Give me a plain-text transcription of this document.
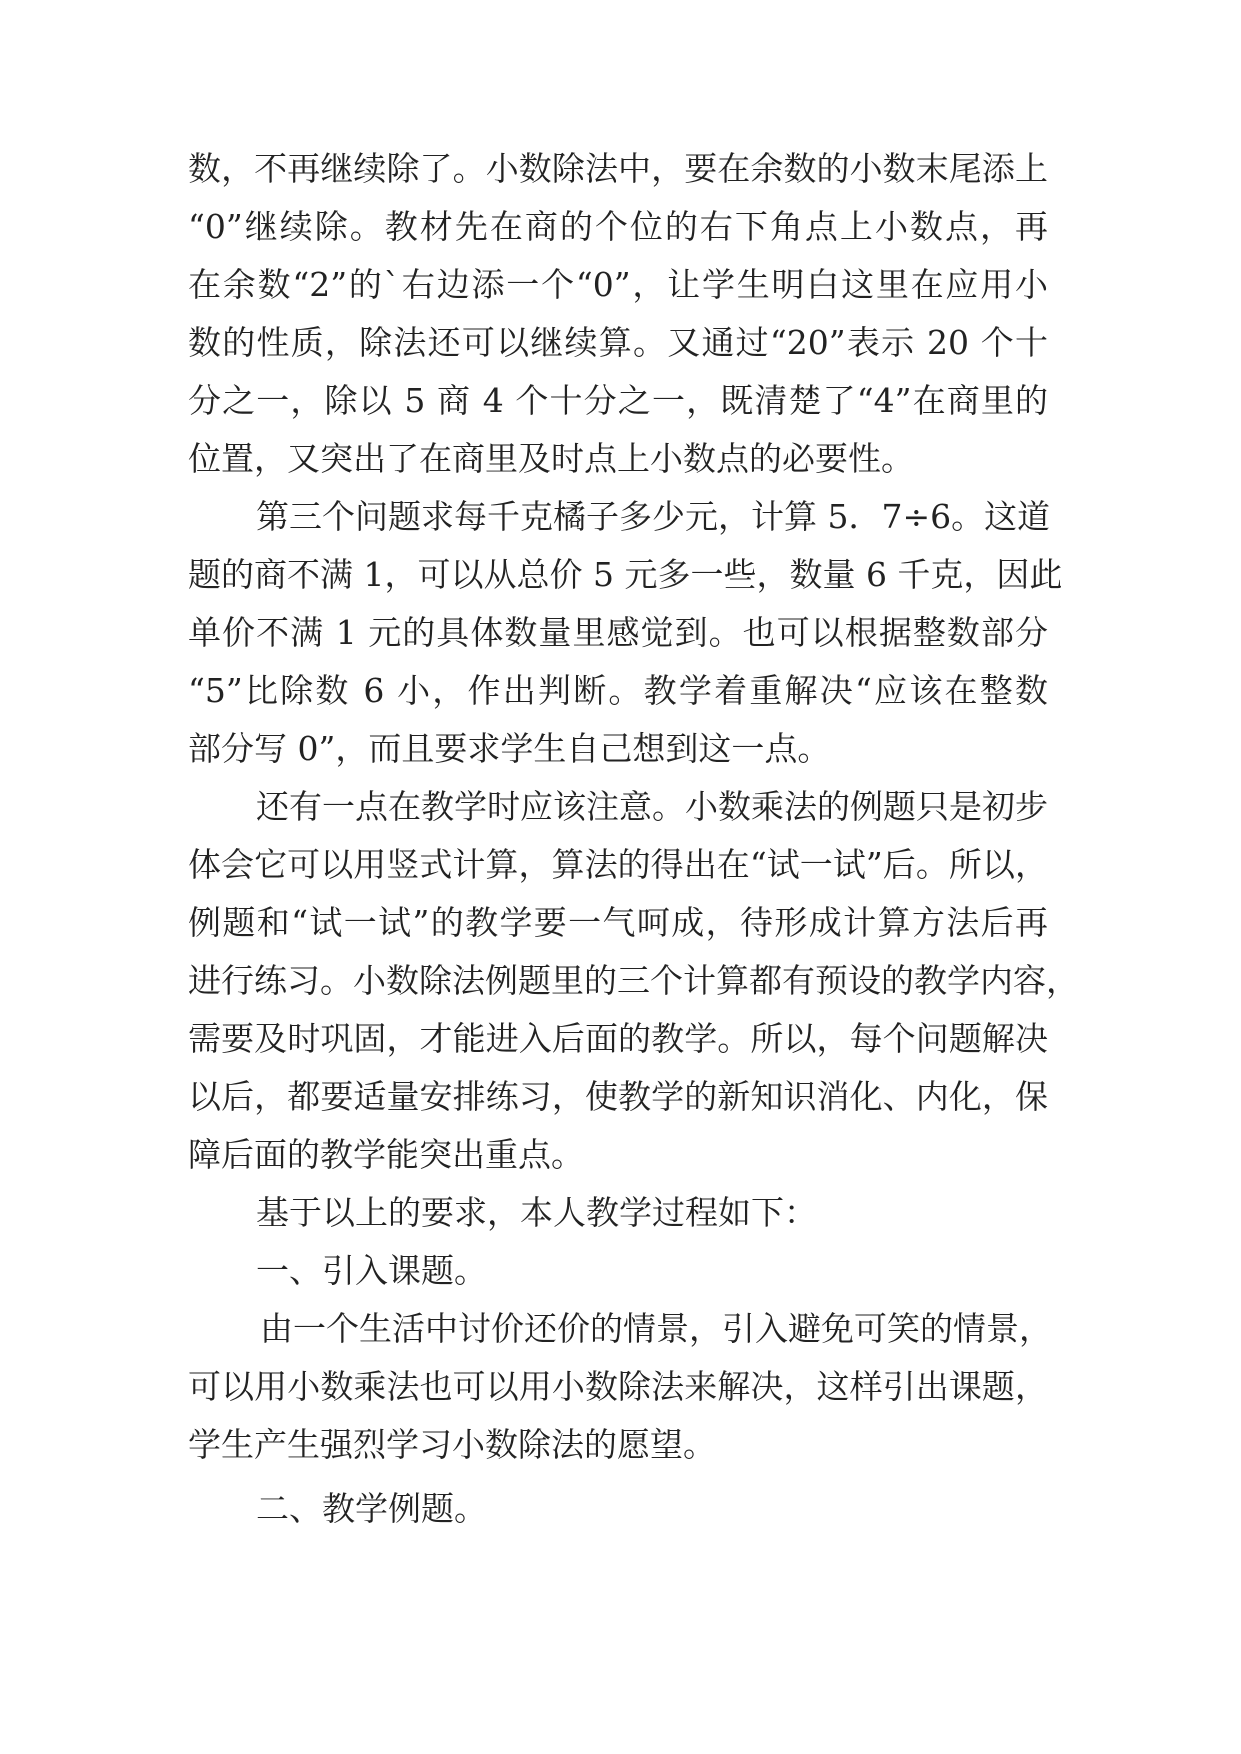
数，不再继续除了。小数除法中，要在余数的小数末尾添上
“0”继续除。教材先在商的个位的右下角点上小数点，再
在余数“2”的`右边添一个“0”，让学生明白这里在应用小
数的性质，除法还可以继续算。又通过“20”表示 20 个十
分之一，除以 5 商 4 个十分之一，既清楚了“4”在商里的
位置，又突出了在商里及时点上小数点的必要性。
第三个问题求每千克橘子多少元，计算 5．7÷6。这道
题的商不满 1，可以从总价 5 元多一些，数量 6 千克，因此
单价不满 1 元的具体数量里感觉到。也可以根据整数部分
“5”比除数 6 小，作出判断。教学着重解决“应该在整数
部分写 0”，而且要求学生自己想到这一点。
还有一点在教学时应该注意。小数乘法的例题只是初步
体会它可以用竖式计算，算法的得出在“试一试”后。所以，
例题和“试一试”的教学要一气呵成，待形成计算方法后再
进行练习。小数除法例题里的三个计算都有预设的教学内容，
需要及时巩固，才能进入后面的教学。所以，每个问题解决
以后，都要适量安排练习，使教学的新知识消化、内化，保
障后面的教学能突出重点。
基于以上的要求，本人教学过程如下：
一、引入课题。
由一个生活中讨价还价的情景，引入避免可笑的情景，
可以用小数乘法也可以用小数除法来解决，这样引出课题，
学生产生强烈学习小数除法的愿望。
二、教学例题。
